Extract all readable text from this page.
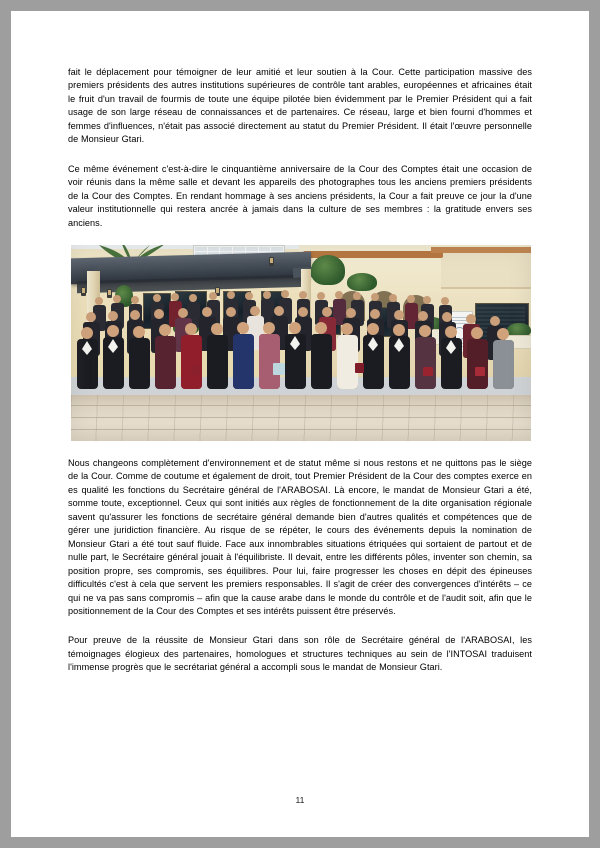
fait le déplacement pour témoigner de leur amitié et leur soutien à la Cour. Cette participation massive des premiers présidents des autres institutions supérieures de contrôle tant arables, européennes et africaines était le fruit d'un travail de fourmis de toute une équipe pilotée bien évidemment par le Premier Président qui a fait usage de son large réseau de connaissances et de partenaires. Ce réseau, large et bien fourni d'hommes et femmes d'influences, n'était pas associé directement au statut du Premier Président. Il était l'œuvre personnelle de Monsieur Gtari.

Ce même événement c'est-à-dire le cinquantième anniversaire de la Cour des Comptes était une occasion de voir réunis dans la même salle et devant les appareils des photographes tous les anciens premiers présidents de la Cour des Comptes. En rendant hommage à ses anciens présidents, la Cour a fait preuve ce jour la d'une valeur institutionnelle qui restera ancrée à jamais dans la culture de ses membres : la gratitude envers ses anciens.

Nous changeons complètement d'environnement et de statut même si nous restons et ne quittons pas le siège de la Cour. Comme de coutume et également de droit, tout Premier Président de la Cour des comptes exerce en es qualité les fonctions du Secrétaire général de l'ARABOSAI. Là encore, le mandat de Monsieur Gtari a été, somme toute, exceptionnel. Ceux qui sont initiés aux règles de fonctionnement de la dite organisation régionale savent qu'assurer les fonctions de secrétaire général demande bien d'autres qualités et compétences que de gérer une juridiction financière. Au risque de se répéter, le cours des événements depuis la nomination de Monsieur Gtari a été tout sauf fluide. Face aux innombrables situations étriquées qui sortaient de partout et de nulle part, le Secrétaire général jouait à l'équilibriste. Il devait, entre les différents pôles, inventer son chemin, sa position propre, ses compromis, ses équilibres. Pour lui, faire progresser les choses en dépit des épineuses difficultés c'est à cela que servent les premiers responsables. Il s'agit de créer des convergences d'intérêts – ce qui ne va pas sans compromis – afin que la cause arabe dans le monde du contrôle et de l'audit soit, afin que le positionnement de la Cour des Comptes et ses intérêts puissent être préservés.

Pour preuve de la réussite de Monsieur Gtari dans son rôle de Secrétaire général de l'ARABOSAI, les témoignages élogieux des partenaires, homologues et structures techniques au sein de l'INTOSAI traduisent l'immense progrès que le secrétariat général a accompli sous le mandat de Monsieur Gtari.

11
